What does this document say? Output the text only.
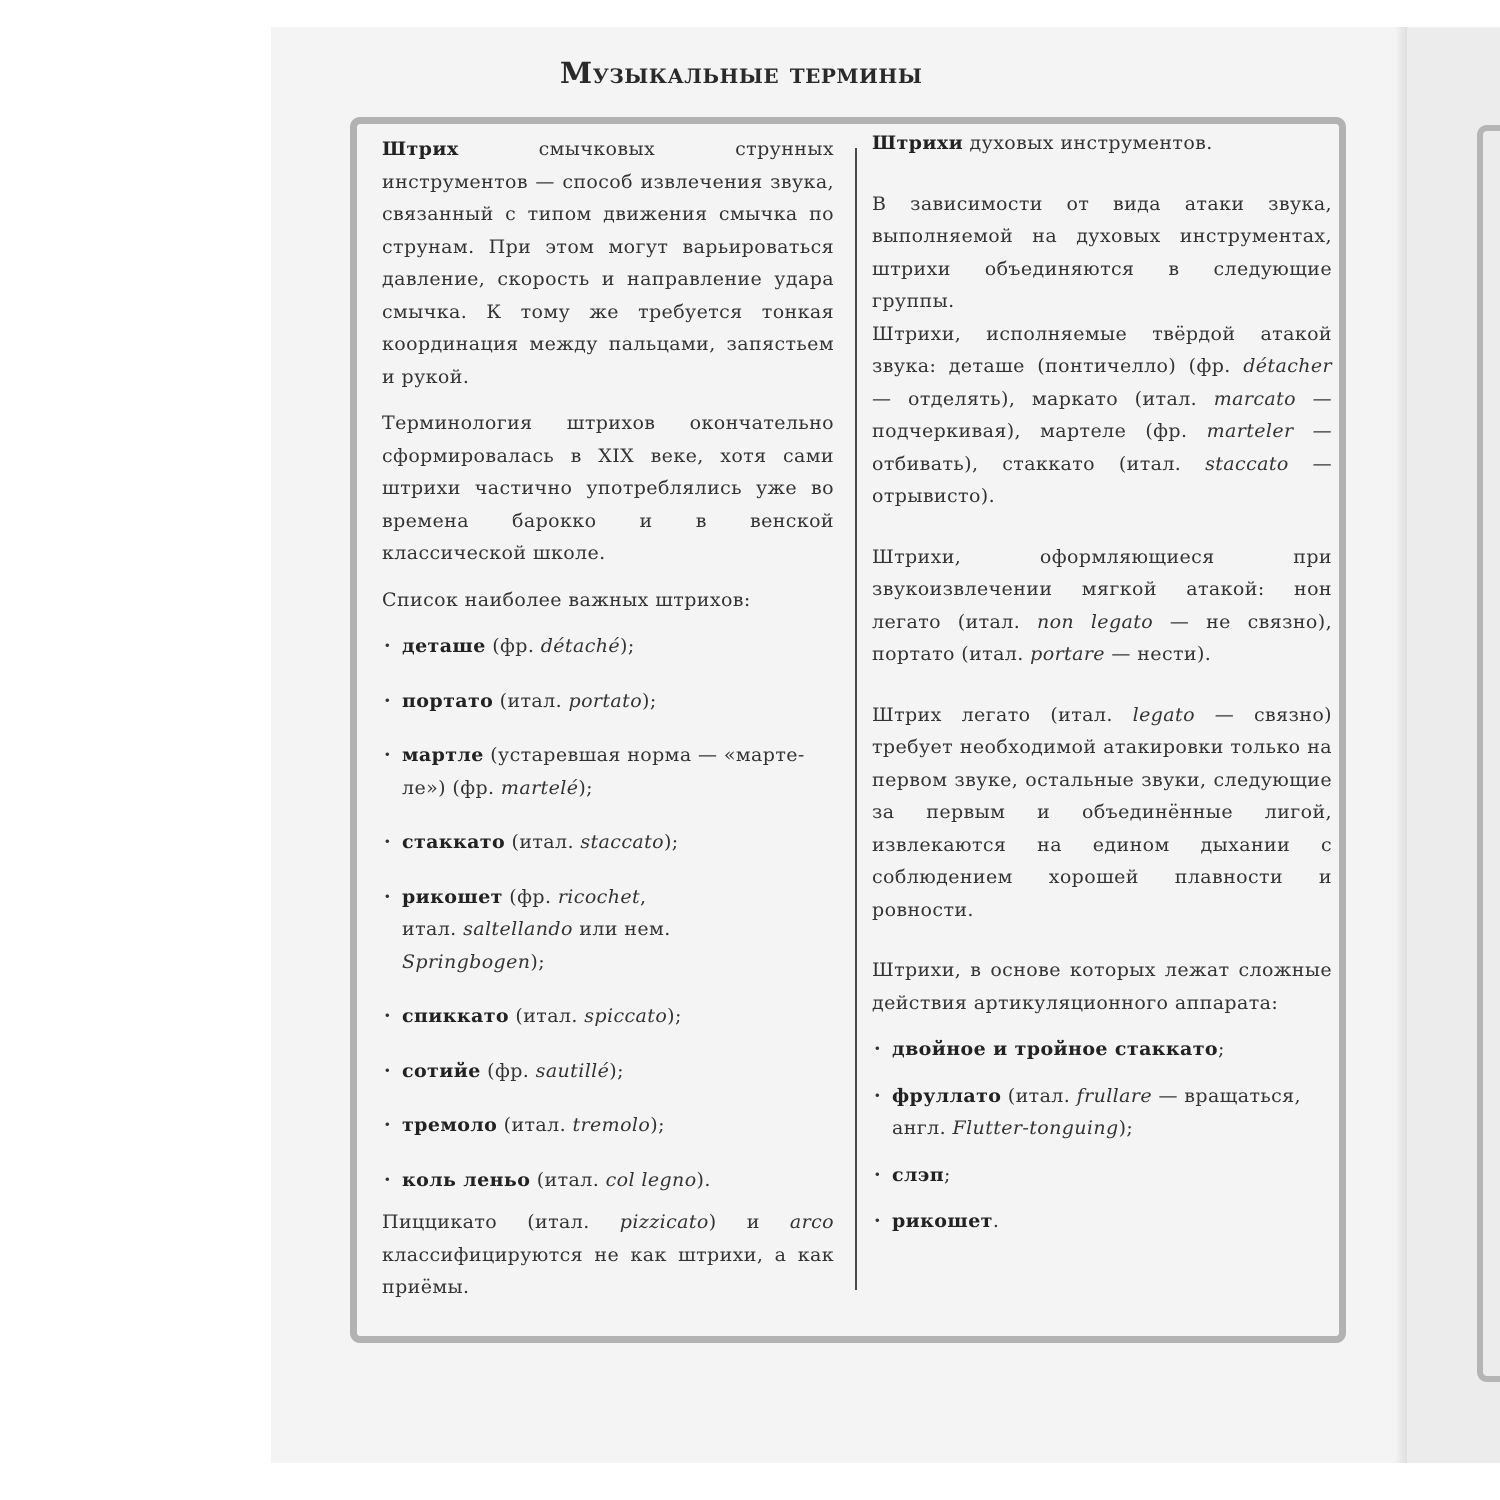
Музыкальные термины

Штрих смычковых струнных инструментов — способ извлечения звука, связанный с типом движения смычка по струнам. При этом могут варьироваться давление, скорость и направление удара смычка. К тому же требуется тонкая координация между пальцами, запястьем и рукой.

Терминология штрихов окончательно сформировалась в XIX веке, хотя сами штрихи частично употреблялись уже во времена барокко и в венской классической школе.

Список наиболее важных штрихов:

· деташе (фр. détaché);
· портато (итал. portato);
· мартле (устаревшая норма — «мартеле») (фр. martelé);
· стаккато (итал. staccato);
· рикошет (фр. ricochet, итал. saltellando или нем. Springbogen);
· спиккато (итал. spiccato);
· сотийе (фр. sautillé);
· тремоло (итал. tremolo);
· коль леньо (итал. col legno).

Пиццикато (итал. pizzicato) и arco классифицируются не как штрихи, а как приёмы.

Штрихи духовых инструментов.

В зависимости от вида атаки звука, выполняемой на духовых инструментах, штрихи объединяются в следующие группы.

Штрихи, исполняемые твёрдой атакой звука: деташе (понтичелло) (фр. détacher — отделять), маркато (итал. marcato — подчеркивая), мартеле (фр. marteler — отбивать), стаккато (итал. staccato — отрывисто).

Штрихи, оформляющиеся при звукоизвлечении мягкой атакой: нон легато (итал. non legato — не связно), портато (итал. portare — нести).

Штрих легато (итал. legato — связно) требует необходимой атакировки только на первом звуке, остальные звуки, следующие за первым и объединённые лигой, извлекаются на едином дыхании с соблюдением хорошей плавности и ровности.

Штрихи, в основе которых лежат сложные действия артикуляционного аппарата:

· двойное и тройное стаккато;
· фруллато (итал. frullare — вращаться, англ. Flutter-tonguing);
· слэп;
· рикошет.
